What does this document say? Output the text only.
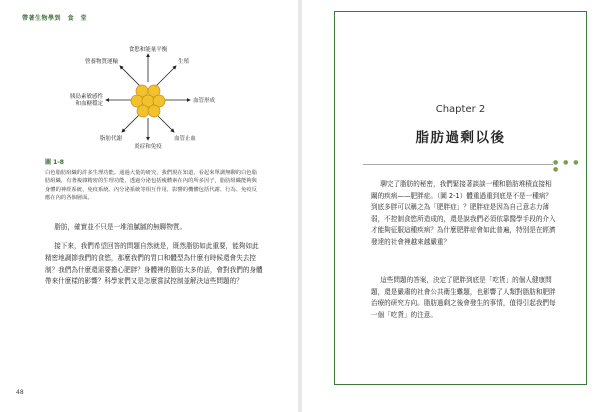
帶著生物學到　食　堂
食慾和能量平衡
營養物質運輸	生殖
胰島素敏感性
和血糖穩定	血管形成
脂肪代謝	血管止血
炎症和免疫
圖 1-8

白色脂肪組織的許多生理功能。通過大量的研究，我們現在知道，看起來單調無聊的白色脂肪組織，有著複雜精密的生理功能，透過分泌包括瘦體素在內的所多因子，脂肪組織能夠與身體的神經系統、免疫系統、內分泌系統等相互作用，影響的機體包括代謝、行為、免疫反應在內的各個層面。

脂肪，確實並不只是一堆油膩膩的無聊物質。

接下來，我們希望回答的問題自然就是，既然脂肪如此重要，能夠如此精密地調節我們的食慾，那麼我們的胃口和體型為什麼有時候還會失去控制？我們為什麼還需要擔心肥胖？身體裡的脂肪太多的話，會對我們的身體帶來什麼樣的影響？科學家們又是怎麼嘗試控制並解決這些問題的？

48
Chapter 2
脂肪過剩以後
● ● ● ●

聊完了脂肪的秘密，我們緊接著談談一種和脂肪堆積直接相關的疾病——肥胖症。（圖 2-1）體重過重到底是不是一種病？到底多胖可以稱之為「肥胖症」？肥胖症是因為自己意志力薄弱，不控制食慾所造成的，還是說我們必須依靠醫學手段的介入才能夠征服這種疾病？為什麼肥胖症會如此普遍，特別是在經濟發達的社會裡越來越嚴重？

這些問題的答案，決定了肥胖到底是「吃貨」的個人健康問題，還是嚴肅的社會公共衛生難題，也影響了人類對脂肪和肥胖治療的研究方向。脂肪過剩之後會發生的事情，值得引起我們每一個「吃貨」的注意。
